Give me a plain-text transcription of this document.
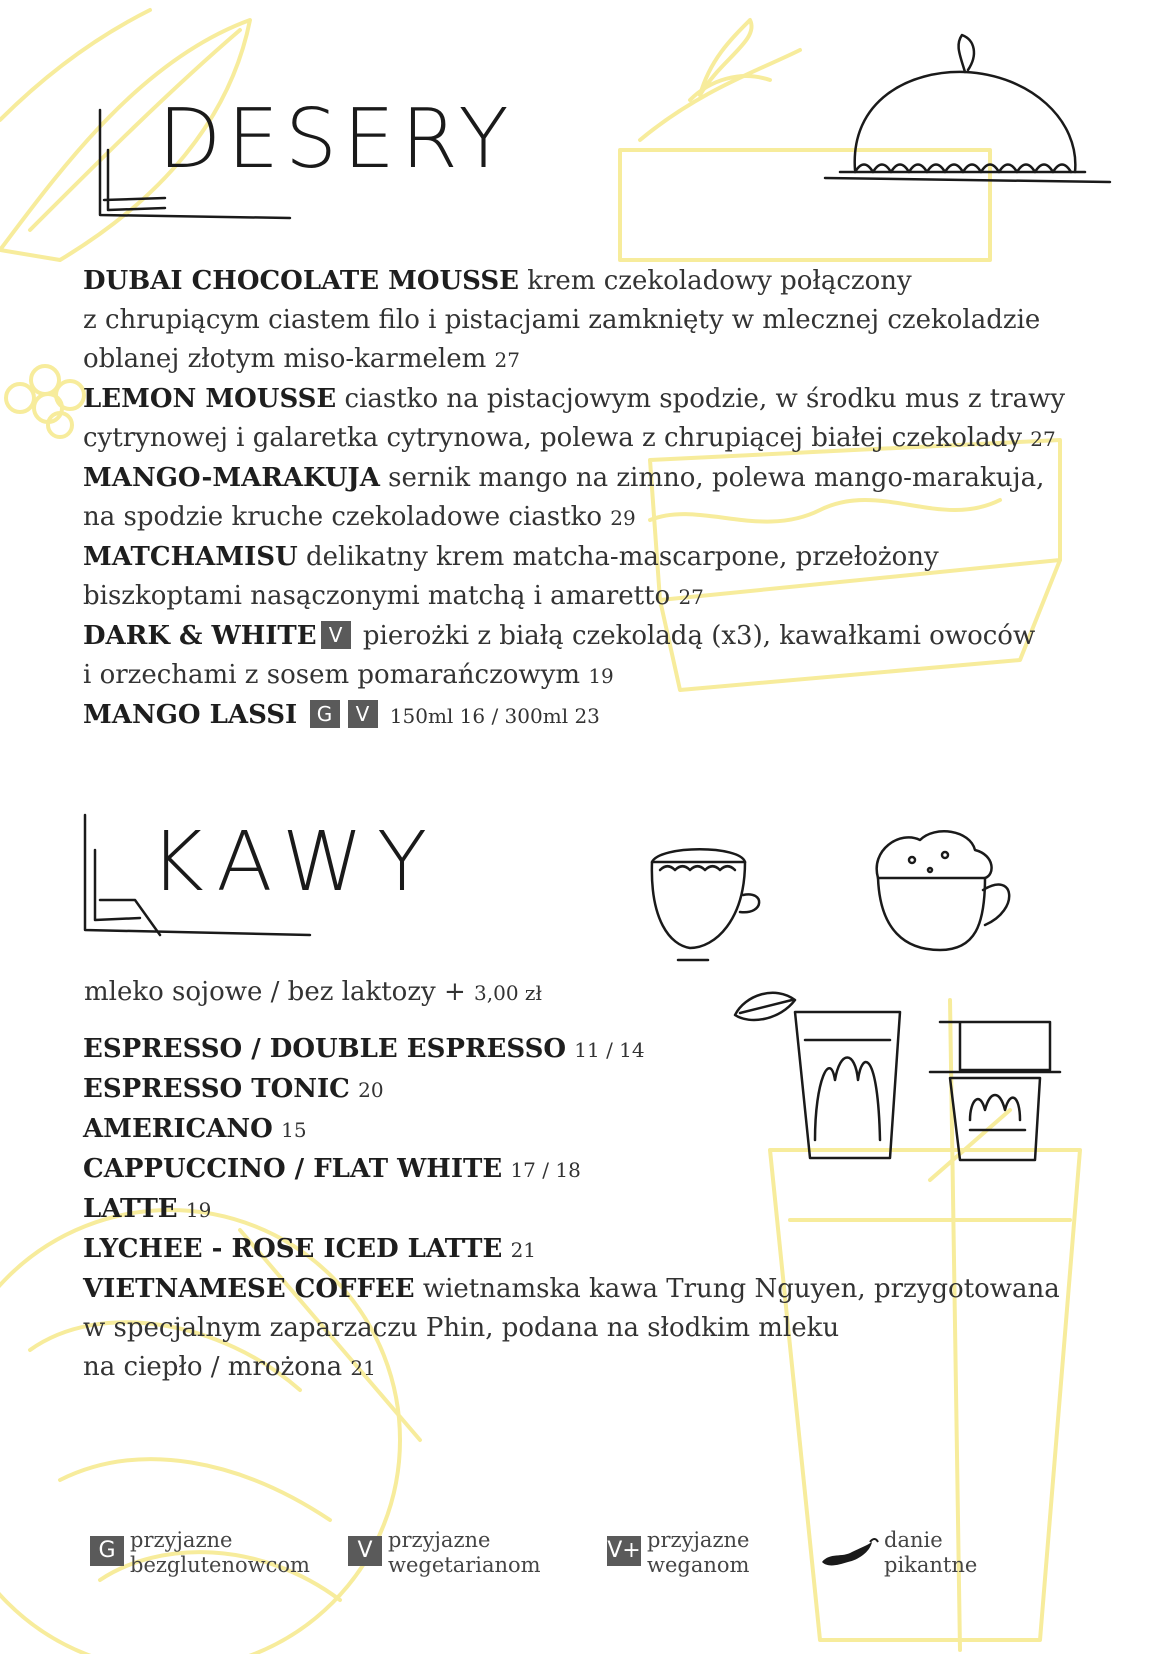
DESERY
DUBAI CHOCOLATE MOUSSE krem czekoladowy połączony
z chrupiącym ciastem filo i pistacjami zamknięty w mlecznej czekoladzie
oblanej złotym miso-karmelem 27
LEMON MOUSSE ciastko na pistacjowym spodzie, w środku mus z trawy
cytrynowej i galaretka cytrynowa, polewa z chrupiącej białej czekolady 27
MANGO-MARAKUJA sernik mango na zimno, polewa mango-marakuja,
na spodzie kruche czekoladowe ciastko 29
MATCHAMISU delikatny krem matcha-mascarpone, przełożony
biszkoptami nasączonymi matchą i amaretto 27
DARK & WHITE V pierożki z białą czekoladą (x3), kawałkami owoców
i orzechami z sosem pomarańczowym 19
MANGO LASSI G V 150ml 16 / 300ml 23
KAWY
mleko sojowe / bez laktozy + 3,00 zł
ESPRESSO / DOUBLE ESPRESSO 11 / 14
ESPRESSO TONIC 20
AMERICANO 15
CAPPUCCINO / FLAT WHITE 17 / 18
LATTE 19
LYCHEE - ROSE ICED LATTE 21
VIETNAMESE COFFEE wietnamska kawa Trung Nguyen, przygotowana
w specjalnym zaparzaczu Phin, podana na słodkim mleku
na ciepło / mrożona 21
G przyjazne
bezglutenowcom
V przyjazne
wegetarianom
V+ przyjazne
weganom
danie
pikantne
